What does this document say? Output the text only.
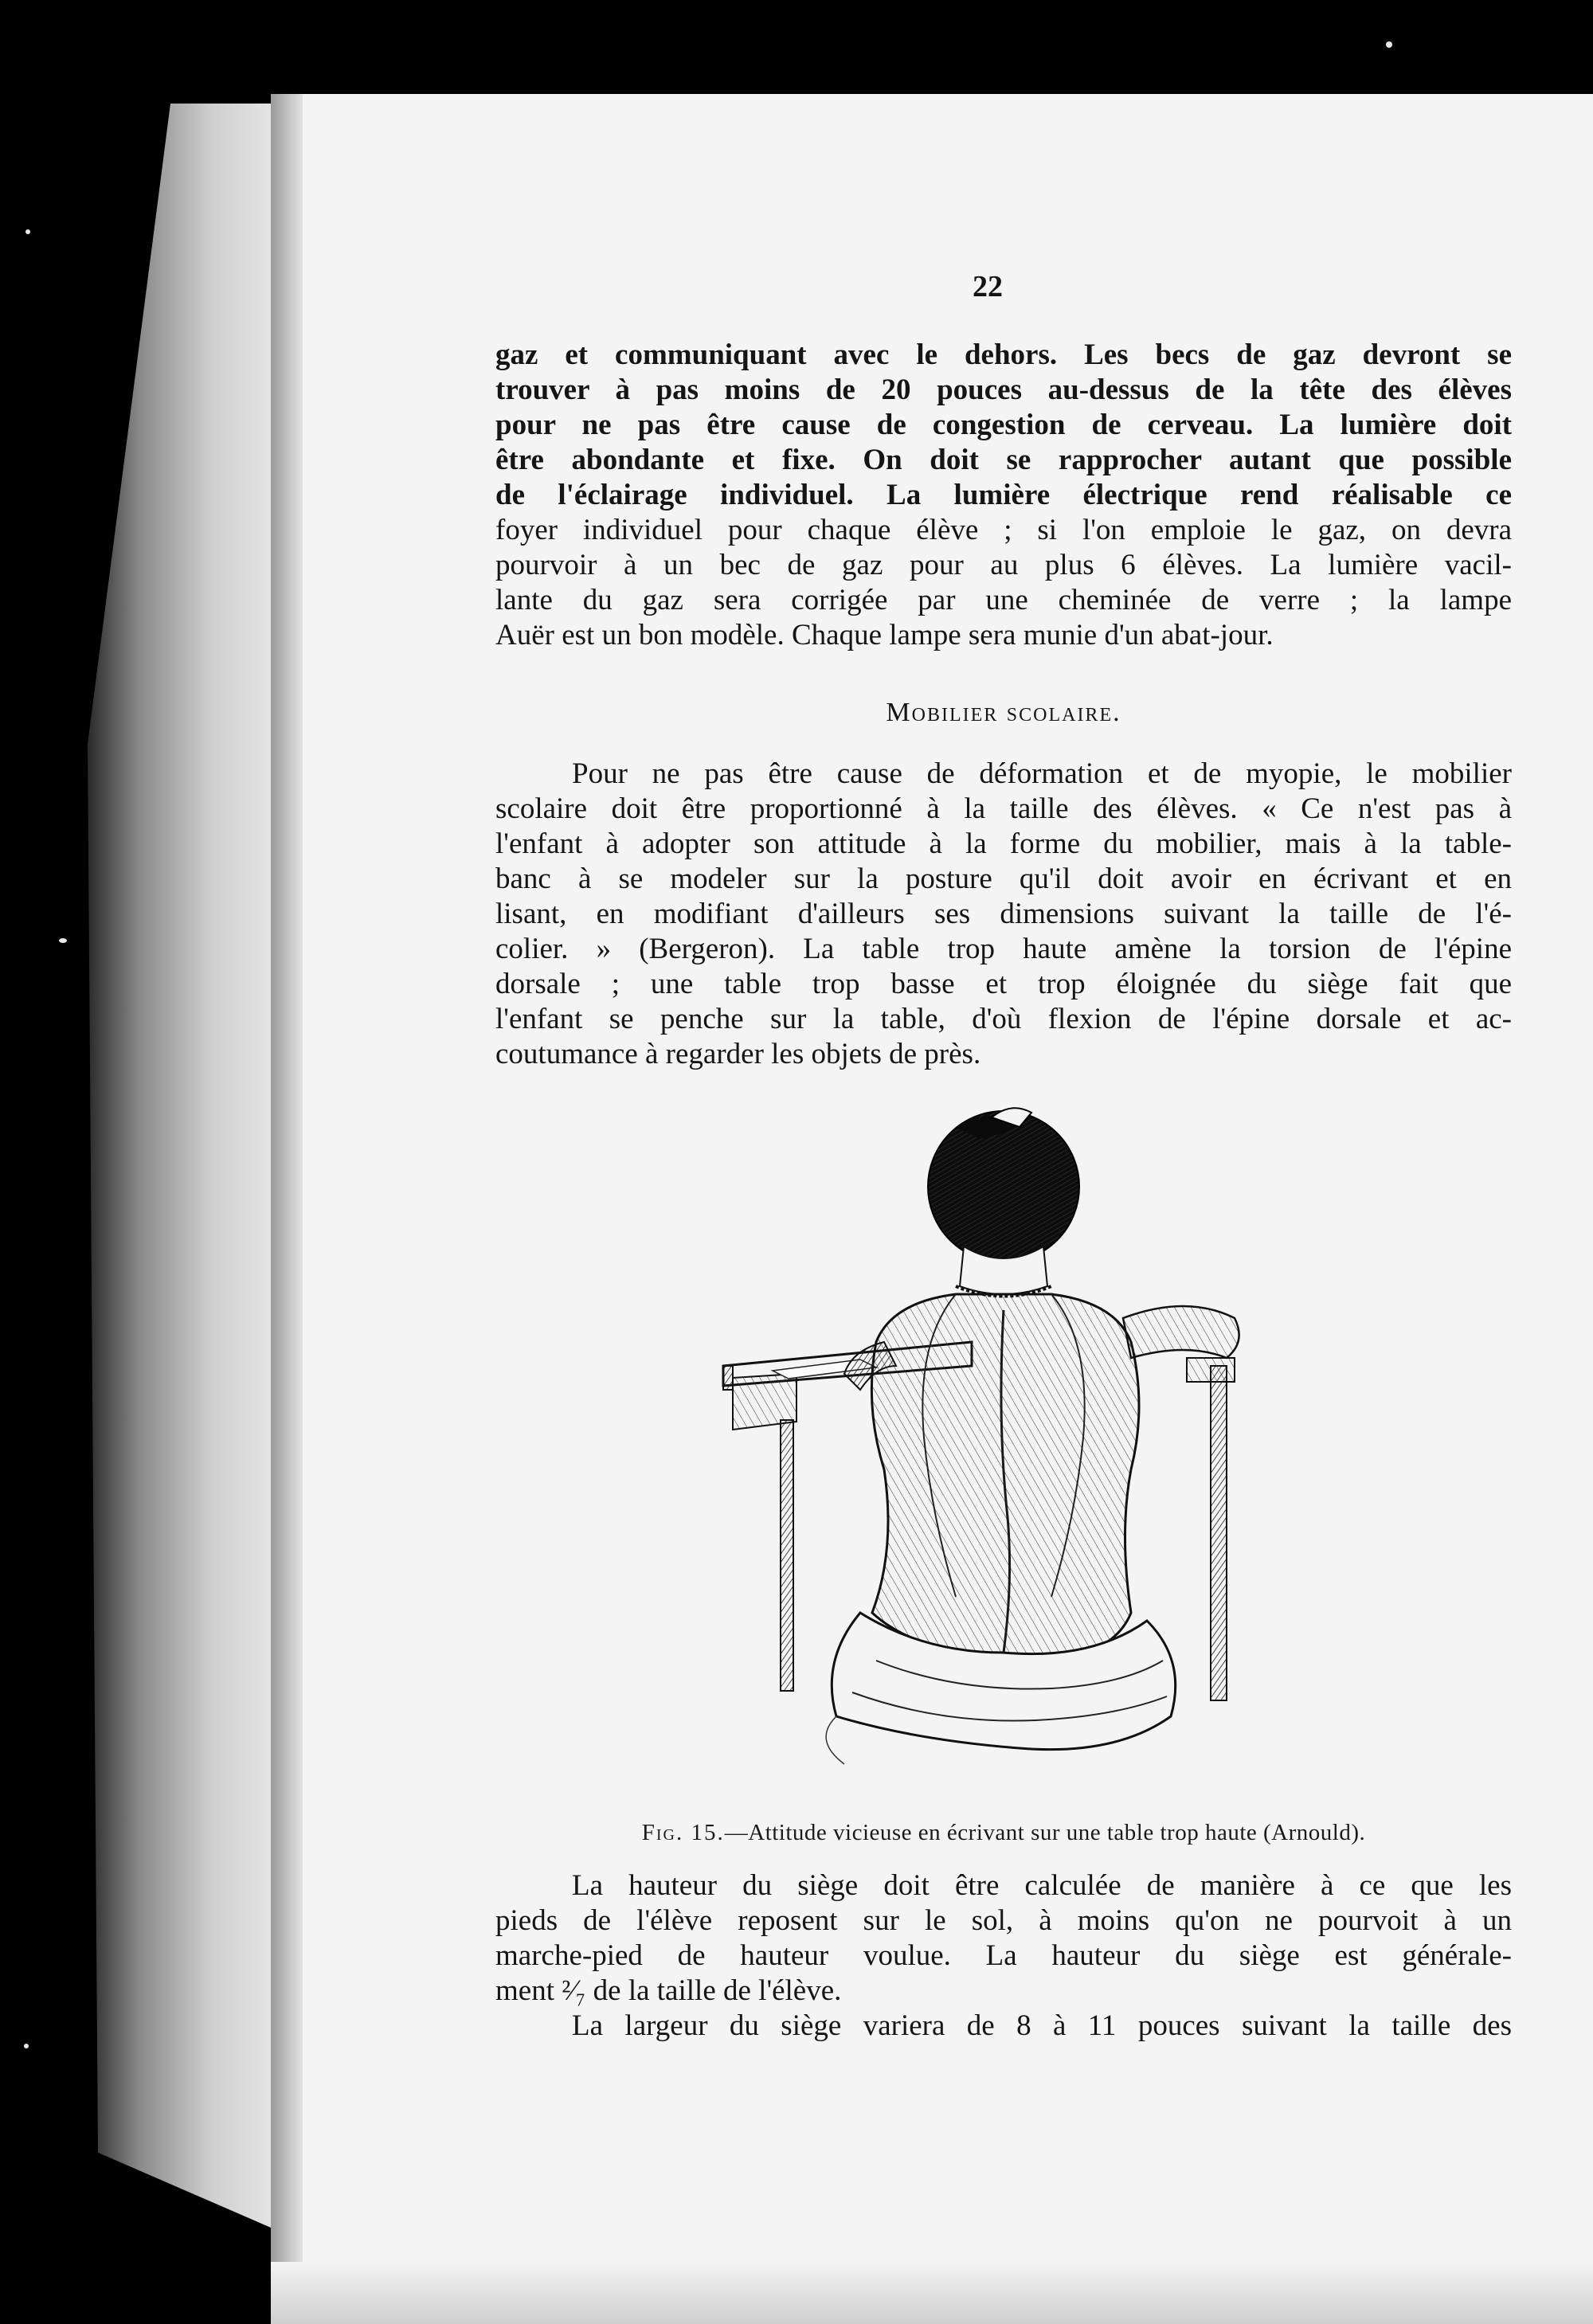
22
gaz et communiquant avec le dehors. Les becs de gaz devront se
trouver à pas moins de 20 pouces au-dessus de la tête des élèves
pour ne pas être cause de congestion de cerveau. La lumière doit
être abondante et fixe. On doit se rapprocher autant que possible
de l'éclairage individuel. La lumière électrique rend réalisable ce
foyer individuel pour chaque élève ; si l'on emploie le gaz, on devra
pourvoir à un bec de gaz pour au plus 6 élèves. La lumière vacil-
lante du gaz sera corrigée par une cheminée de verre ; la lampe
Auër est un bon modèle. Chaque lampe sera munie d'un abat-jour.
Mobilier scolaire.
Pour ne pas être cause de déformation et de myopie, le mobilier
scolaire doit être proportionné à la taille des élèves. « Ce n'est pas à
l'enfant à adopter son attitude à la forme du mobilier, mais à la table-
banc à se modeler sur la posture qu'il doit avoir en écrivant et en
lisant, en modifiant d'ailleurs ses dimensions suivant la taille de l'é-
colier. » (Bergeron). La table trop haute amène la torsion de l'épine
dorsale ; une table trop basse et trop éloignée du siège fait que
l'enfant se penche sur la table, d'où flexion de l'épine dorsale et ac-
coutumance à regarder les objets de près.
Fig. 15.—Attitude vicieuse en écrivant sur une table trop haute (Arnould).
La hauteur du siège doit être calculée de manière à ce que les
pieds de l'élève reposent sur le sol, à moins qu'on ne pourvoit à un
marche-pied de hauteur voulue. La hauteur du siège est générale-
ment ²⁄₇ de la taille de l'élève.
La largeur du siège variera de 8 à 11 pouces suivant la taille des
